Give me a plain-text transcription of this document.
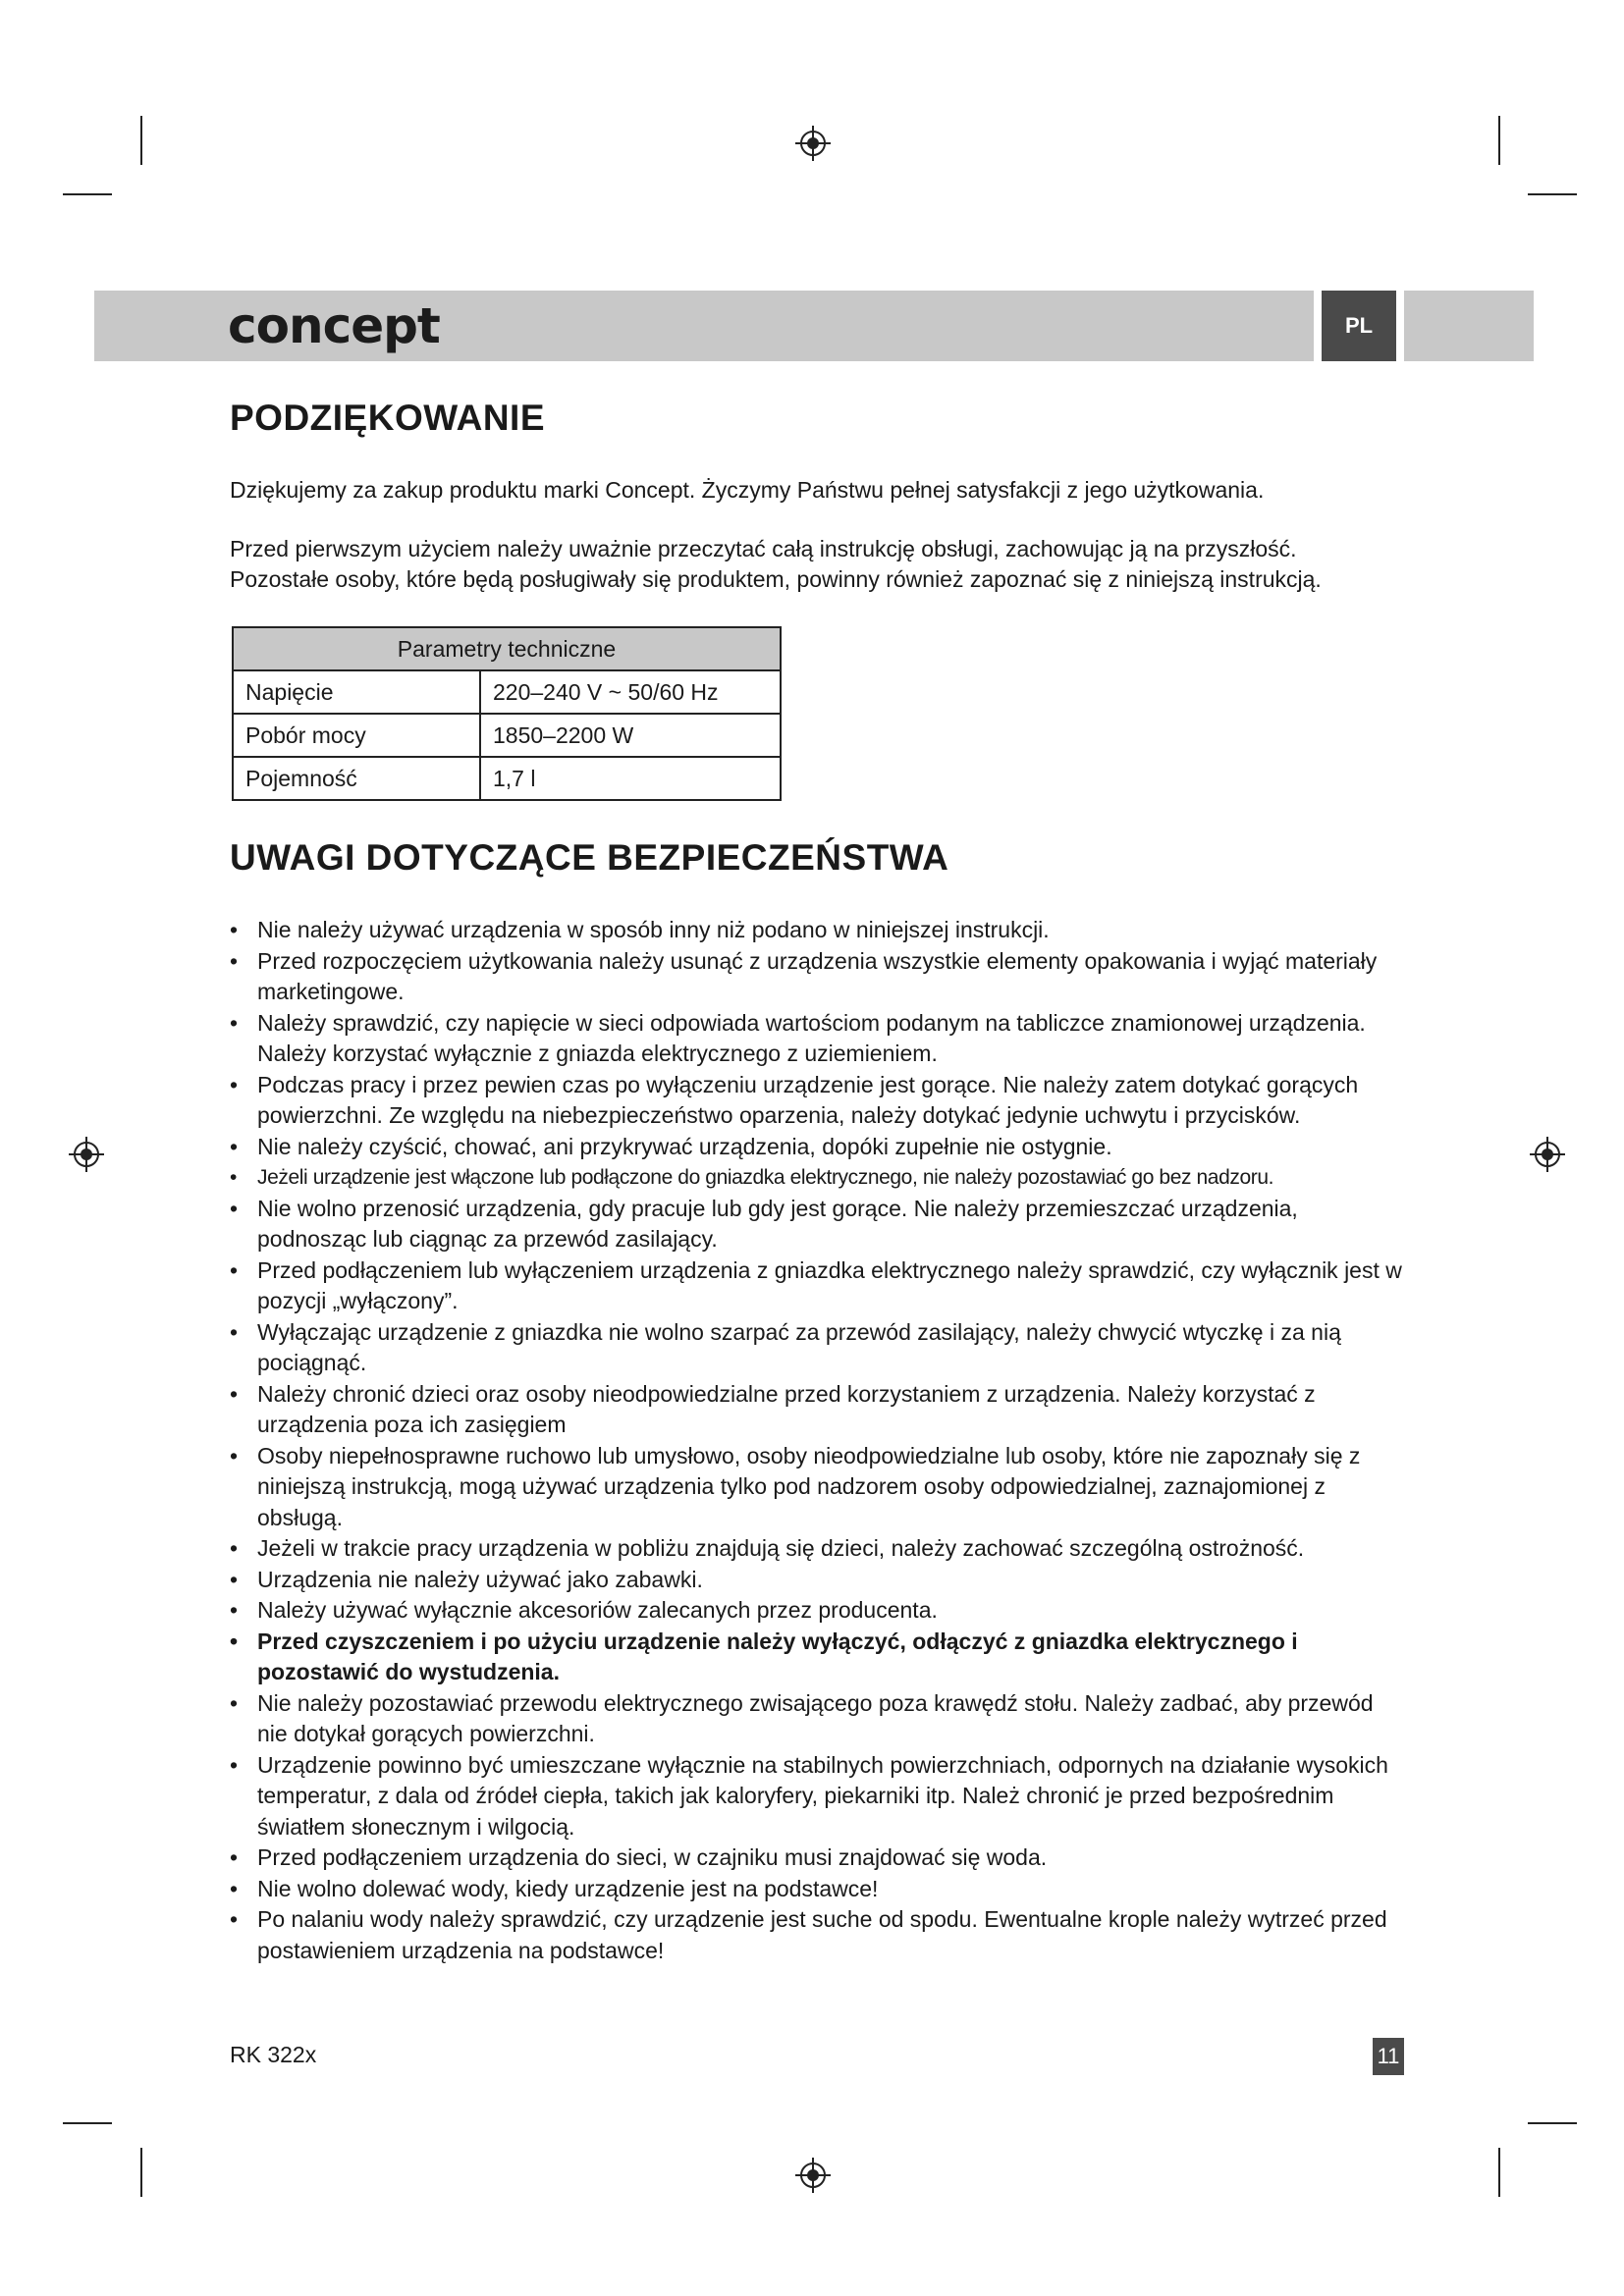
concept	PL
PODZIĘKOWANIE

Dziękujemy za zakup produktu marki Concept. Życzymy Państwu pełnej satysfakcji z jego użytkowania.

Przed pierwszym użyciem należy uważnie przeczytać całą instrukcję obsługi, zachowując ją na przyszłość.

Pozostałe osoby, które będą posługiwały się produktem, powinny również zapoznać się z niniejszą instrukcją.

Parametry techniczne	
Napięcie	220–240 V ~ 50/60 Hz
Pobór mocy	1850–2200 W
Pojemność	1,7 l
UWAGI DOTYCZĄCE BEZPIECZEŃSTWA
• Nie należy używać urządzenia w sposób inny niż podano w niniejszej instrukcji.
• Przed rozpoczęciem użytkowania należy usunąć z urządzenia wszystkie elementy opakowania i wyjąć materiały marketingowe.
• Należy sprawdzić, czy napięcie w sieci odpowiada wartościom podanym na tabliczce znamionowej urządzenia. Należy korzystać wyłącznie z gniazda elektrycznego z uziemieniem.
• Podczas pracy i przez pewien czas po wyłączeniu urządzenie jest gorące. Nie należy zatem dotykać gorących powierzchni. Ze względu na niebezpieczeństwo oparzenia, należy dotykać jedynie uchwytu i przycisków.
• Nie należy czyścić, chować, ani przykrywać urządzenia, dopóki zupełnie nie ostygnie.
• Jeżeli urządzenie jest włączone lub podłączone do gniazdka elektrycznego, nie należy pozostawiać go bez nadzoru.
• Nie wolno przenosić urządzenia, gdy pracuje lub gdy jest gorące. Nie należy przemieszczać urządzenia, podnosząc lub ciągnąc za przewód zasilający.
• Przed podłączeniem lub wyłączeniem urządzenia z gniazdka elektrycznego należy sprawdzić, czy wyłącznik jest w pozycji „wyłączony”.
• Wyłączając urządzenie z gniazdka nie wolno szarpać za przewód zasilający, należy chwycić wtyczkę i za nią pociągnąć.
• Należy chronić dzieci oraz osoby nieodpowiedzialne przed korzystaniem z urządzenia. Należy korzystać z urządzenia poza ich zasięgiem
• Osoby niepełnosprawne ruchowo lub umysłowo, osoby nieodpowiedzialne lub osoby, które nie zapoznały się z niniejszą instrukcją, mogą używać urządzenia tylko pod nadzorem osoby odpowiedzialnej, zaznajomionej z obsługą.
• Jeżeli w trakcie pracy urządzenia w pobliżu znajdują się dzieci, należy zachować szczególną ostrożność.
• Urządzenia nie należy używać jako zabawki.
• Należy używać wyłącznie akcesoriów zalecanych przez producenta.
• Przed czyszczeniem i po użyciu urządzenie należy wyłączyć, odłączyć z gniazdka elektrycznego i pozostawić do wystudzenia.
• Nie należy pozostawiać przewodu elektrycznego zwisającego poza krawędź stołu. Należy zadbać, aby przewód nie dotykał gorących powierzchni.
• Urządzenie powinno być umieszczane wyłącznie na stabilnych powierzchniach, odpornych na działanie wysokich temperatur, z dala od źródeł ciepła, takich jak kaloryfery, piekarniki itp. Należ chronić je przed bezpośrednim światłem słonecznym i wilgocią.
• Przed podłączeniem urządzenia do sieci, w czajniku musi znajdować się woda.
• Nie wolno dolewać wody, kiedy urządzenie jest na podstawce!
• Po nalaniu wody należy sprawdzić, czy urządzenie jest suche od spodu. Ewentualne krople należy wytrzeć przed postawieniem urządzenia na podstawce!
RK 322x	11
